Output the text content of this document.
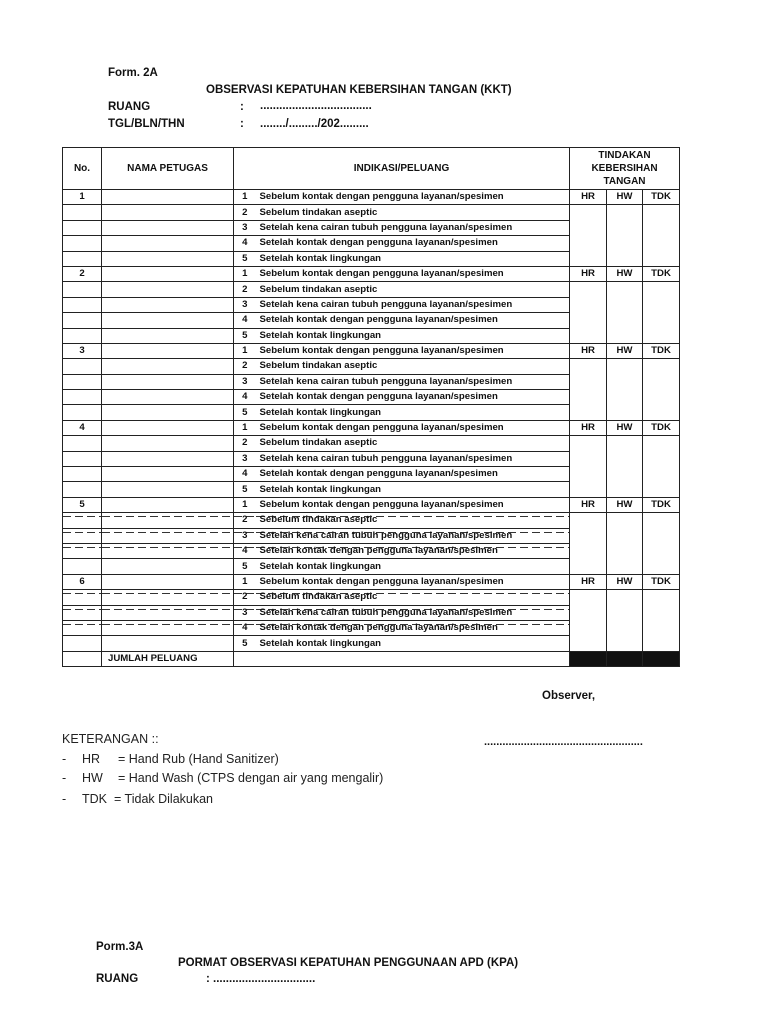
Form. 2A
OBSERVASI KEPATUHAN KEBERSIHAN TANGAN (KKT)
RUANG	: ...................................
TGL/BLN/THN	: ......../........./202.........
No.	NAMA PETUGAS	INDIKASI/PELUANG		TINDAKAN KEBERSIHAN TANGAN		
1		1	Sebelum kontak dengan pengguna layanan/spesimen	HR	HW	TDK
		2	Sebelum tindakan aseptic			
		3	Setelah kena cairan tubuh pengguna layanan/spesimen			
		4	Setelah kontak dengan pengguna layanan/spesimen			
		5	Setelah kontak lingkungan			
2		1	Sebelum kontak dengan pengguna layanan/spesimen	HR	HW	TDK
		2	Sebelum tindakan aseptic			
		3	Setelah kena cairan tubuh pengguna layanan/spesimen			
		4	Setelah kontak dengan pengguna layanan/spesimen			
		5	Setelah kontak lingkungan			
3		1	Sebelum kontak dengan pengguna layanan/spesimen	HR	HW	TDK
		2	Sebelum tindakan aseptic			
		3	Setelah kena cairan tubuh pengguna layanan/spesimen			
		4	Setelah kontak dengan pengguna layanan/spesimen			
		5	Setelah kontak lingkungan			
4		1	Sebelum kontak dengan pengguna layanan/spesimen	HR	HW	TDK
		2	Sebelum tindakan aseptic			
		3	Setelah kena cairan tubuh pengguna layanan/spesimen			
		4	Setelah kontak dengan pengguna layanan/spesimen			
		5	Setelah kontak lingkungan			
5		1	Sebelum kontak dengan pengguna layanan/spesimen	HR	HW	TDK
		2	Sebelum tindakan aseptic			
		3	Setelah kena cairan tubuh pengguna layanan/spesimen			
		4	Setelah kontak dengan pengguna layanan/spesimen			
		5	Setelah kontak lingkungan			
6		1	Sebelum kontak dengan pengguna layanan/spesimen	HR	HW	TDK
		2	Sebelum tindakan aseptic			
		3	Setelah kena cairan tubuh pengguna layanan/spesimen			
		4	Setelah kontak dengan pengguna layanan/spesimen			
		5	Setelah kontak lingkungan			
	JUMLAH PELUANG					
Observer,
....................................................
KETERANGAN ::
- HR = Hand Rub (Hand Sanitizer)
- HW = Hand Wash (CTPS dengan air yang mengalir)
- TDK = Tidak Dilakukan
Porm.3A
PORMAT OBSERVASI KEPATUHAN PENGGUNAAN APD (KPA)
RUANG	: ................................
